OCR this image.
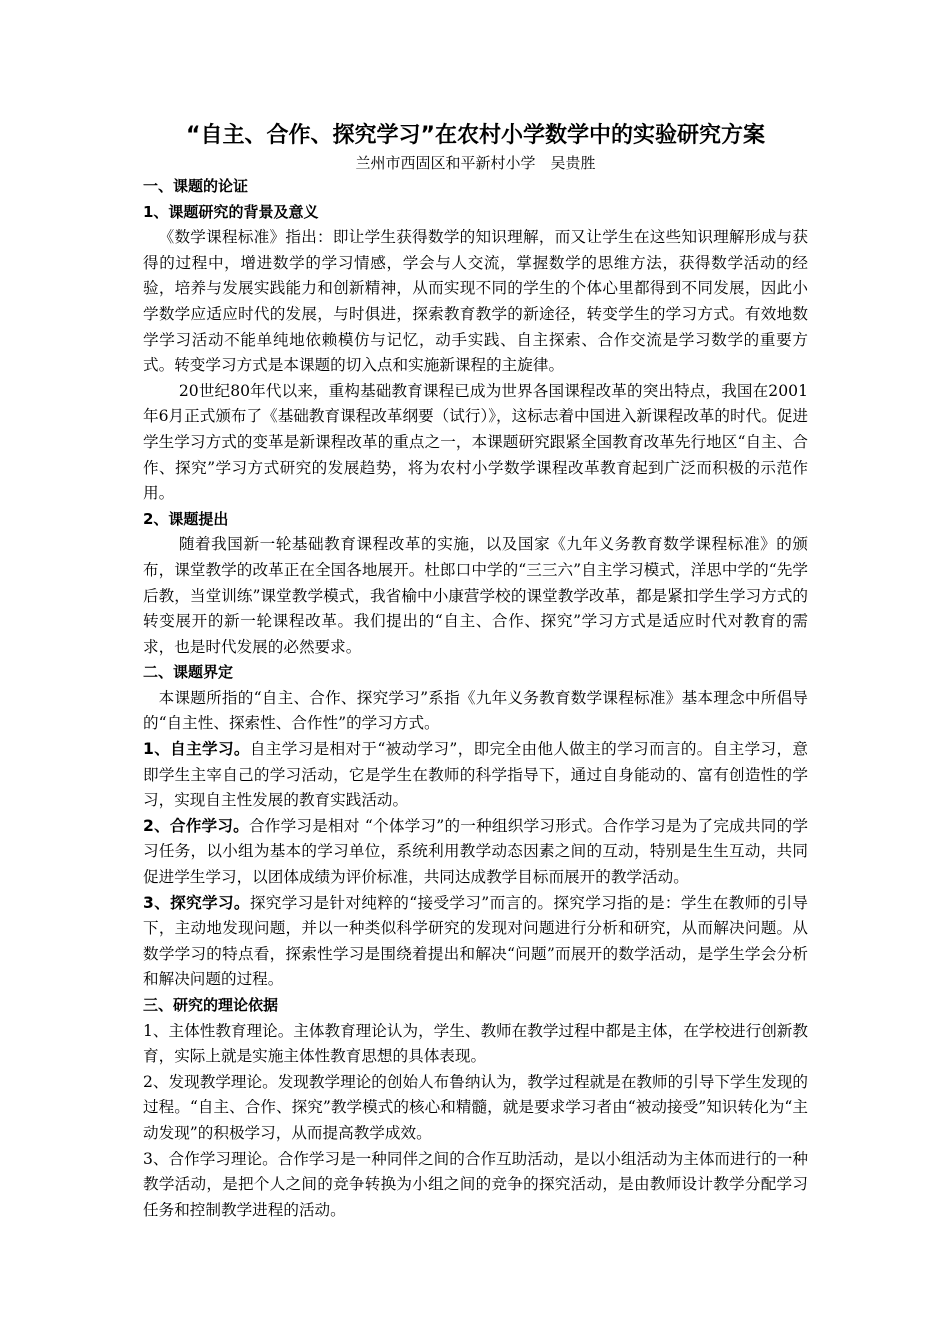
“自主、合作、探究学习”在农村小学数学中的实验研究方案
兰州市西固区和平新村小学　吴贵胜
一、课题的论证
1、课题研究的背景及意义

《数学课程标准》指出：即让学生获得数学的知识理解，而又让学生在这些知识理解形成与获得的过程中，增进数学的学习情感，学会与人交流，掌握数学的思维方法，获得数学活动的经验，培养与发展实践能力和创新精神，从而实现不同的学生的个体心里都得到不同发展，因此小学数学应适应时代的发展，与时俱进，探索教育教学的新途径，转变学生的学习方式。有效地数学学习活动不能单纯地依赖模仿与记忆，动手实践、自主探索、合作交流是学习数学的重要方式。转变学习方式是本课题的切入点和实施新课程的主旋律。

20世纪80年代以来，重构基础教育课程已成为世界各国课程改革的突出特点，我国在2001年6月正式颁布了《基础教育课程改革纲要（试行）》，这标志着中国进入新课程改革的时代。促进学生学习方式的变革是新课程改革的重点之一，本课题研究跟紧全国教育改革先行地区“自主、合作、探究”学习方式研究的发展趋势，将为农村小学数学课程改革教育起到广泛而积极的示范作用。

2、课题提出

随着我国新一轮基础教育课程改革的实施，以及国家《九年义务教育数学课程标准》的颁布，课堂教学的改革正在全国各地展开。杜郎口中学的“三三六”自主学习模式，洋思中学的“先学后教，当堂训练”课堂教学模式，我省榆中小康营学校的课堂教学改革，都是紧扣学生学习方式的转变展开的新一轮课程改革。我们提出的“自主、合作、探究”学习方式是适应时代对教育的需求，也是时代发展的必然要求。

二、课题界定

本课题所指的“自主、合作、探究学习”系指《九年义务教育数学课程标准》基本理念中所倡导的“自主性、探索性、合作性”的学习方式。

1、自主学习。自主学习是相对于“被动学习”，即完全由他人做主的学习而言的。自主学习，意即学生主宰自己的学习活动，它是学生在教师的科学指导下，通过自身能动的、富有创造性的学习，实现自主性发展的教育实践活动。

2、合作学习。合作学习是相对 “个体学习”的一种组织学习形式。合作学习是为了完成共同的学习任务，以小组为基本的学习单位，系统利用教学动态因素之间的互动，特别是生生互动，共同促进学生学习，以团体成绩为评价标准，共同达成教学目标而展开的教学活动。

3、探究学习。探究学习是针对纯粹的“接受学习”而言的。探究学习指的是：学生在教师的引导下，主动地发现问题，并以一种类似科学研究的发现对问题进行分析和研究，从而解决问题。从数学学习的特点看，探索性学习是围绕着提出和解决“问题”而展开的数学活动，是学生学会分析和解决问题的过程。

三、研究的理论依据

1、主体性教育理论。主体教育理论认为，学生、教师在教学过程中都是主体，在学校进行创新教育，实际上就是实施主体性教育思想的具体表现。

2、发现教学理论。发现教学理论的创始人布鲁纳认为，教学过程就是在教师的引导下学生发现的过程。“自主、合作、探究”教学模式的核心和精髓，就是要求学习者由“被动接受”知识转化为“主动发现”的积极学习，从而提高教学成效。

3、合作学习理论。合作学习是一种同伴之间的合作互助活动，是以小组活动为主体而进行的一种教学活动，是把个人之间的竞争转换为小组之间的竞争的探究活动，是由教师设计教学分配学习任务和控制教学进程的活动。
